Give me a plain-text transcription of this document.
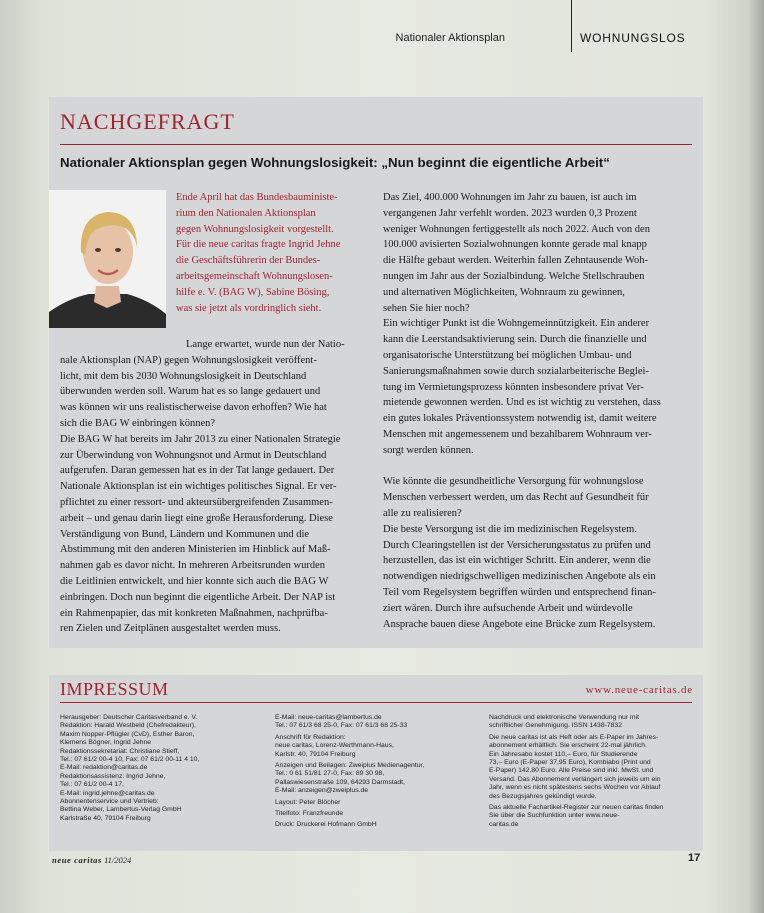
Nationaler Aktionsplan	WOHNUNGSLOS
NACHGEFRAGT
Nationaler Aktionsplan gegen Wohnungslosigkeit: „Nun beginnt die eigentliche Arbeit“
Ende April hat das Bundesbauministe-
rium den Nationalen Aktionsplan
gegen Wohnungslosigkeit vorgestellt.
Für die neue caritas fragte Ingrid Jehne
die Geschäftsführerin der Bundes-
arbeitsgemeinschaft Wohnungslosen-
hilfe e. V. (BAG W), Sabine Bösing,
was sie jetzt als vordringlich sieht.
Lange erwartet, wurde nun der Natio-
nale Aktionsplan (NAP) gegen Wohnungslosigkeit veröffent-
licht, mit dem bis 2030 Wohnungslosigkeit in Deutschland
überwunden werden soll. Warum hat es so lange gedauert und
was können wir uns realistischerweise davon erhoffen? Wie hat
sich die BAG W einbringen können?
Die BAG W hat bereits im Jahr 2013 zu einer Nationalen Strategie
zur Überwindung von Wohnungsnot und Armut in Deutschland
aufgerufen. Daran gemessen hat es in der Tat lange gedauert. Der
Nationale Aktionsplan ist ein wichtiges politisches Signal. Er ver-
pflichtet zu einer ressort- und akteursübergreifenden Zusammen-
arbeit – und genau darin liegt eine große Herausforderung. Diese
Verständigung von Bund, Ländern und Kommunen und die
Abstimmung mit den anderen Ministerien im Hinblick auf Maß-
nahmen gab es davor nicht. In mehreren Arbeitsrunden wurden
die Leitlinien entwickelt, und hier konnte sich auch die BAG W
einbringen. Doch nun beginnt die eigentliche Arbeit. Der NAP ist
ein Rahmenpapier, das mit konkreten Maßnahmen, nachprüfba-
ren Zielen und Zeitplänen ausgestaltet werden muss.
Das Ziel, 400.000 Wohnungen im Jahr zu bauen, ist auch im
vergangenen Jahr verfehlt worden. 2023 wurden 0,3 Prozent
weniger Wohnungen fertiggestellt als noch 2022. Auch von den
100.000 avisierten Sozialwohnungen konnte gerade mal knapp
die Hälfte gebaut werden. Weiterhin fallen Zehntausende Woh-
nungen im Jahr aus der Sozialbindung. Welche Stellschrauben
und alternativen Möglichkeiten, Wohnraum zu gewinnen,
sehen Sie hier noch?
Ein wichtiger Punkt ist die Wohngemeinnützigkeit. Ein anderer
kann die Leerstandsaktivierung sein. Durch die finanzielle und
organisatorische Unterstützung bei möglichen Umbau- und
Sanierungsmaßnahmen sowie durch sozialarbeiterische Beglei-
tung im Vermietungsprozess könnten insbesondere privat Ver-
mietende gewonnen werden. Und es ist wichtig zu verstehen, dass
ein gutes lokales Präventionssystem notwendig ist, damit weitere
Menschen mit angemessenem und bezahlbarem Wohnraum ver-
sorgt werden können.
Wie könnte die gesundheitliche Versorgung für wohnungslose
Menschen verbessert werden, um das Recht auf Gesundheit für
alle zu realisieren?
Die beste Versorgung ist die im medizinischen Regelsystem.
Durch Clearingstellen ist der Versicherungsstatus zu prüfen und
herzustellen, das ist ein wichtiger Schritt. Ein anderer, wenn die
notwendigen niedrigschwelligen medizinischen Angebote als ein
Teil vom Regelsystem begriffen würden und entsprechend finan-
ziert wären. Durch ihre aufsuchende Arbeit und würdevolle
Ansprache bauen diese Angebote eine Brücke zum Regelsystem.
IMPRESSUM	www.neue-caritas.de
Herausgeber: Deutscher Caritasverband e. V.
Redaktion: Harald Westbeld (Chefredakteur),
Maxim Nopper-Pflügler (CvD), Esther Baron,
Klemens Bögner, Ingrid Jehne
Redaktionssekretariat: Christiane Stieff,
Tel.: 07 61/2 00-4 10, Fax: 07 61/2 00-11 4 10,
E-Mail: redaktion@caritas.de
Redaktionsassistenz: Ingrid Jehne,
Tel.: 07 61/2 00-4 17,
E-Mail: ingrid.jehne@caritas.de
Abonnentenservice und Vertrieb:
Bettina Weber, Lambertus-Verlag GmbH
Karlstraße 40, 79104 Freiburg
E-Mail: neue-caritas@lambertus.de
Tel.: 07 61/3 68 25-0, Fax: 07 61/3 68 25-33
Anschrift für Redaktion:
neue caritas, Lorenz-Werthmann-Haus,
Karlstr. 40, 79104 Freiburg
Anzeigen und Beilagen: Zweiplus Medienagentur,
Tel.: 0 61 51/81 27-0, Fax: 89 30 98,
Pallaswiesenstraße 109, 64293 Darmstadt,
E-Mail: anzeigen@zweiplus.de
Layout: Peter Blöcher
Titelfoto: Franzfreunde
Druck: Druckerei Hofmann GmbH
Nachdruck und elektronische Verwendung nur mit
schriftlicher Genehmigung. ISSN 1438-7832
Die neue caritas ist als Heft oder als E-Paper im Jahres-
abonnement erhältlich. Sie erscheint 22-mal jährlich.
Ein Jahresabo kostet 110,– Euro, für Studierende
73,– Euro (E-Paper 37,95 Euro), Kombiabo (Print und
E-Paper) 142,80 Euro. Alle Preise sind inkl. MwSt. und
Versand. Das Abonnement verlängert sich jeweils um ein
Jahr, wenn es nicht spätestens sechs Wochen vor Ablauf
des Bezugsjahres gekündigt wurde.
Das aktuelle Fachartikel-Register zur neuen caritas finden
Sie über die Suchfunktion unter www.neue-
caritas.de
neue caritas 11/2024	17
